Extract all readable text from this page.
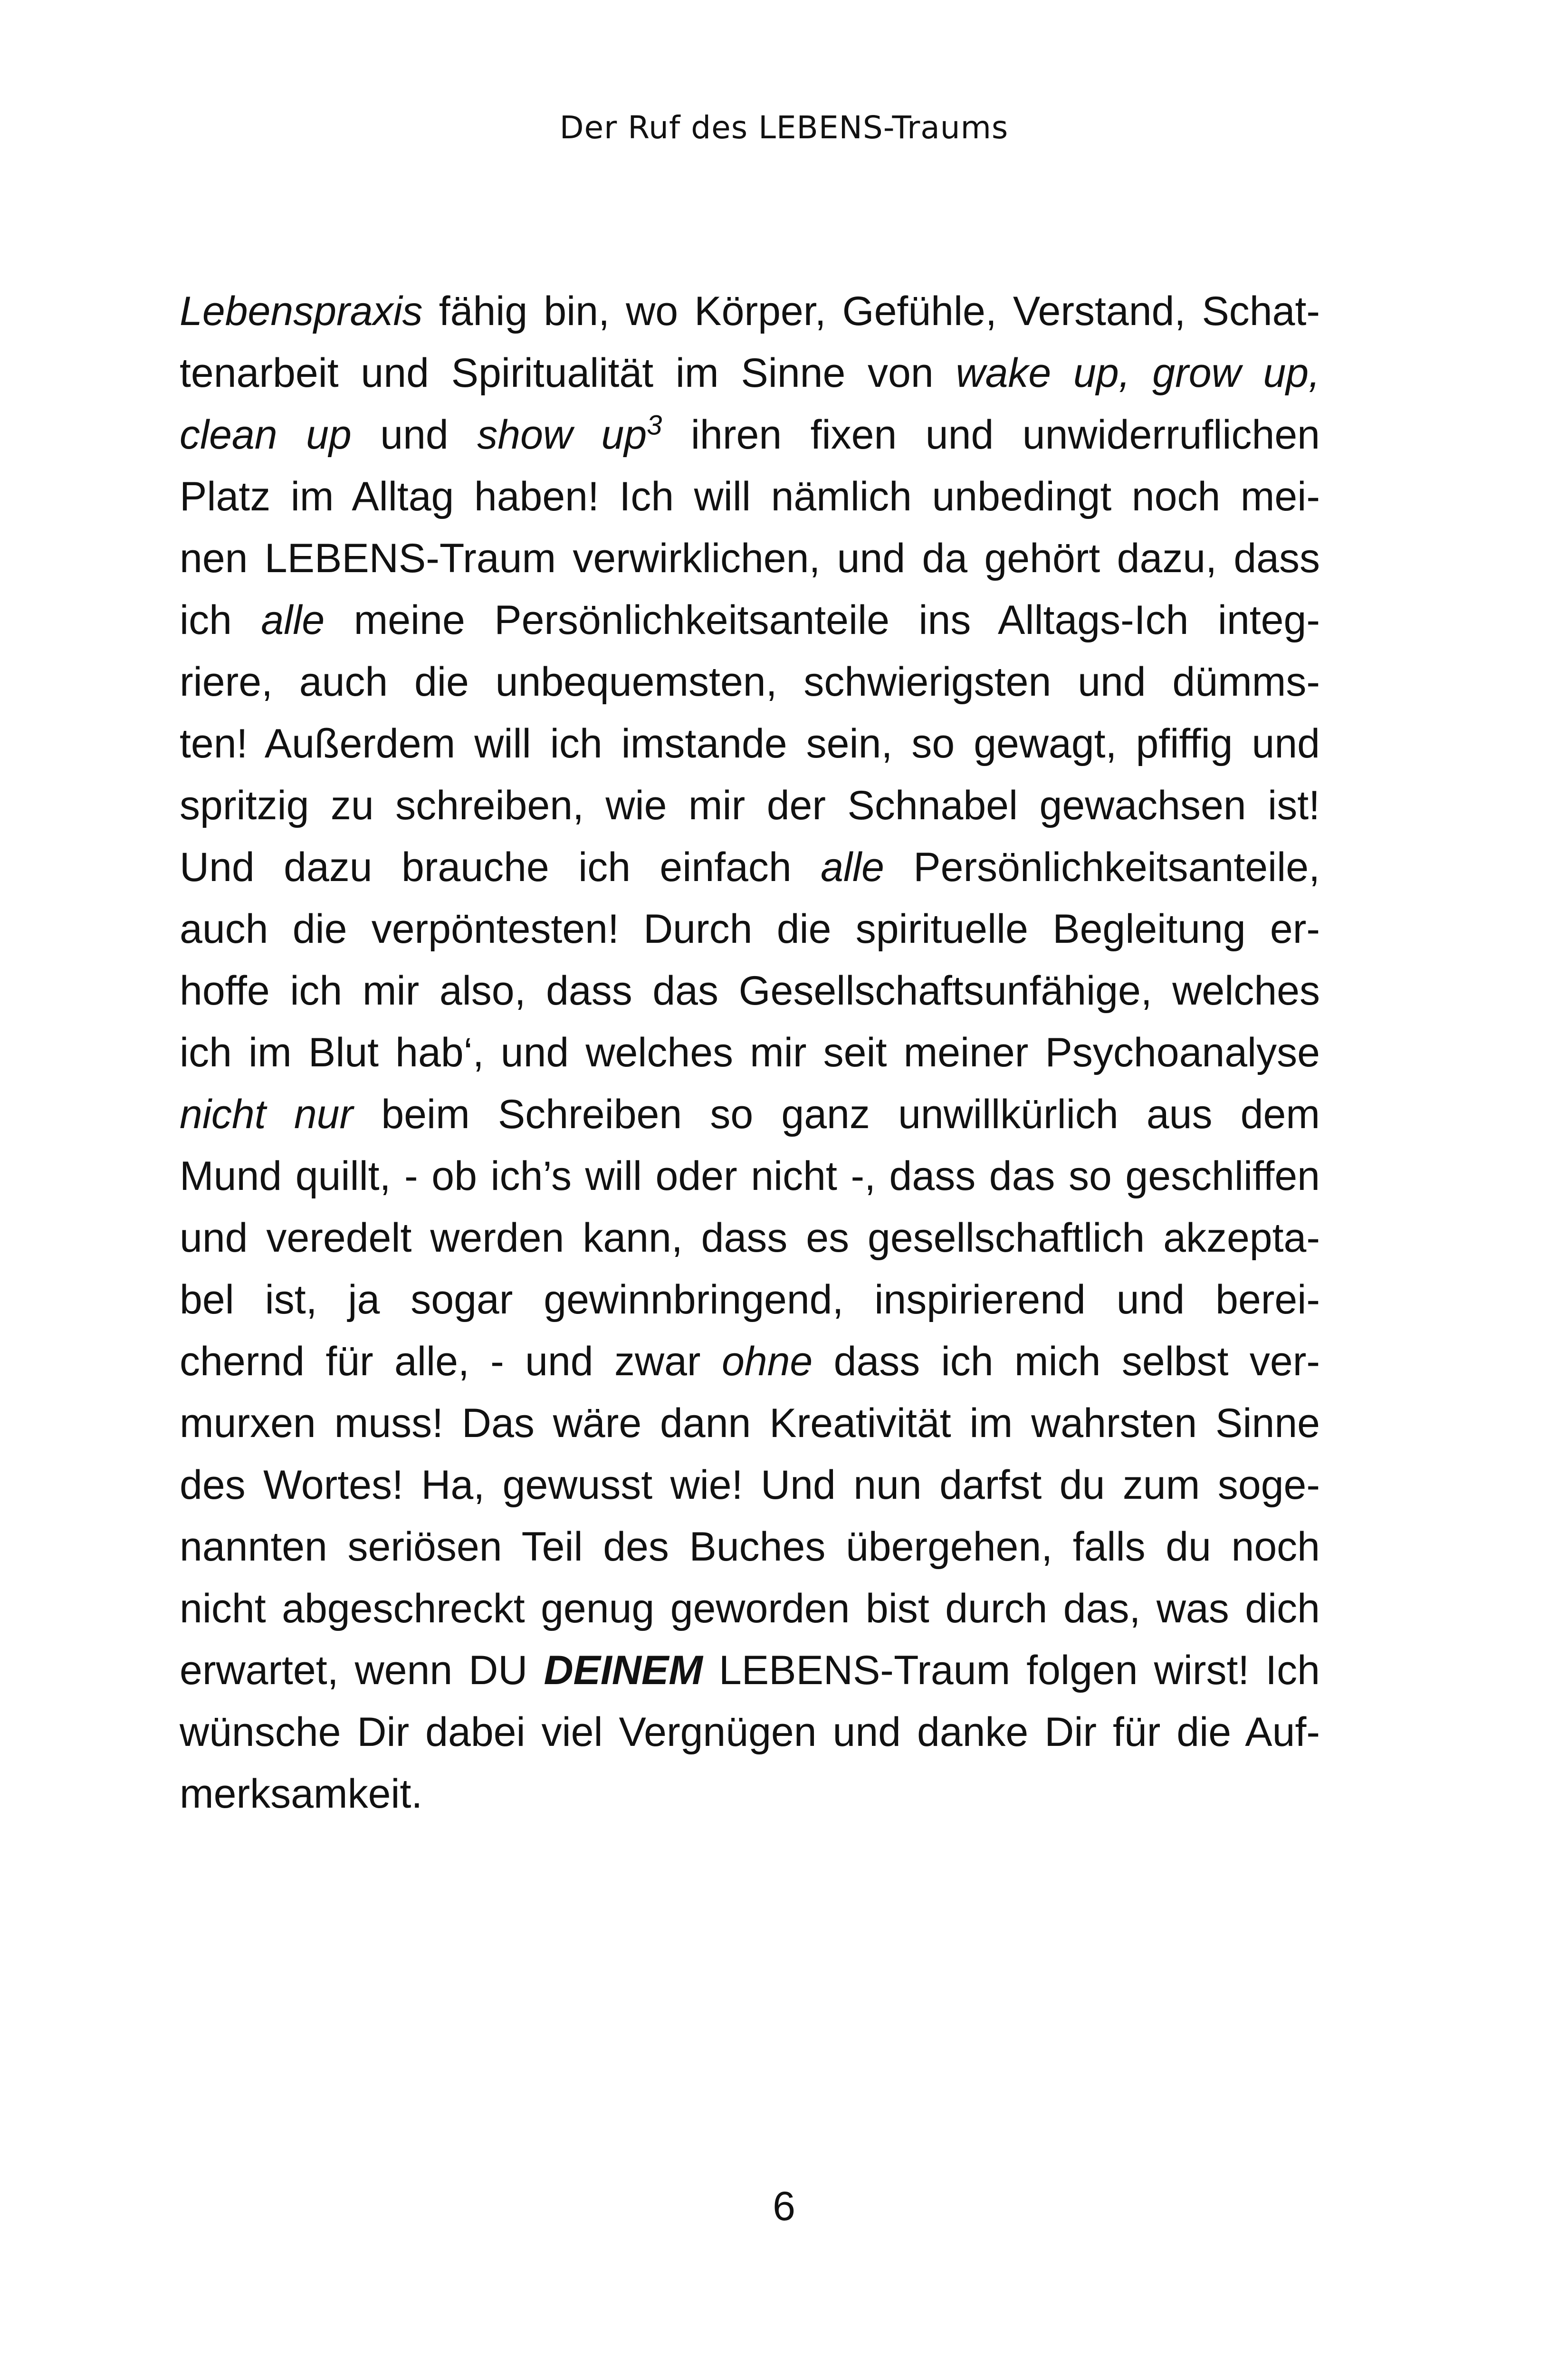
Der Ruf des LEBENS-Traums
Lebenspraxis fähig bin, wo Körper, Gefühle, Verstand, Schat-
tenarbeit und Spiritualität im Sinne von wake up, grow up,
clean up und show $up^3$ ihren fixen und unwiderruflichen
Platz im Alltag haben! Ich will nämlich unbedingt noch mei-
nen LEBENS-Traum verwirklichen, und da gehört dazu, dass
ich alle meine Persönlichkeitsanteile ins Alltags-Ich integ-
riere, auch die unbequemsten, schwierigsten und dümms-
ten! Außerdem will ich imstande sein, so gewagt, pfiffig und
spritzig zu schreiben, wie mir der Schnabel gewachsen ist!
Und dazu brauche ich einfach alle Persönlichkeitsanteile,
auch die verpöntesten! Durch die spirituelle Begleitung er-
hoffe ich mir also, dass das Gesellschaftsunfähige, welches
ich im Blut hab‘, und welches mir seit meiner Psychoanalyse
nicht nur beim Schreiben so ganz unwillkürlich aus dem
Mund quillt, - ob ich’s will oder nicht -, dass das so geschliffen
und veredelt werden kann, dass es gesellschaftlich akzepta-
bel ist, ja sogar gewinnbringend, inspirierend und berei-
chernd für alle, - und zwar ohne dass ich mich selbst ver-
murxen muss! Das wäre dann Kreativität im wahrsten Sinne
des Wortes! Ha, gewusst wie! Und nun darfst du zum soge-
nannten seriösen Teil des Buches übergehen, falls du noch
nicht abgeschreckt genug geworden bist durch das, was dich
erwartet, wenn DU DEINEM LEBENS-Traum folgen wirst! Ich
wünsche Dir dabei viel Vergnügen und danke Dir für die Auf-
merksamkeit.
6
